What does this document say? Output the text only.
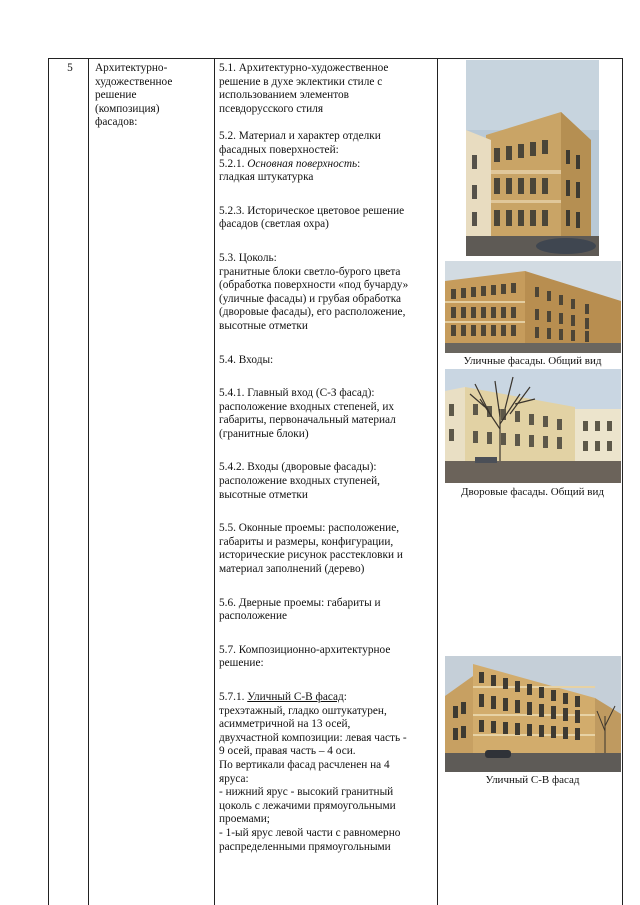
5	Архитектурно-
художественное
решение
(композиция)
фасадов:

5.1. Архитектурно-художественное
решение в духе эклектики стиле с
использованием элементов
псевдорусского стиля

5.2. Материал и характер отделки
фасадных поверхностей:
5.2.1. Основная поверхность:
гладкая штукатурка

5.2.3. Историческое цветовое решение
фасадов (светлая охра)

5.3. Цоколь:
гранитные блоки светло-бурого цвета
(обработка поверхности «под бучарду»
(уличные фасады) и грубая обработка
(дворовые фасады), его расположение,
высотные отметки

5.4. Входы:

5.4.1. Главный вход (С-З фасад):
расположение входных степеней, их
габариты, первоначальный материал
(гранитные блоки)

5.4.2. Входы (дворовые фасады):
расположение входных ступеней,
высотные отметки

5.5. Оконные проемы: расположение,
габариты и размеры, конфигурации,
исторические рисунок расстекловки и
материал заполнений (дерево)

5.6. Дверные проемы: габариты и
расположение

5.7. Композиционно-архитектурное
решение:

5.7.1. Уличный С-В фасад:
трехэтажный, гладко оштукатурен,
асимметричной на 13 осей,
двухчастной композиции: левая часть -
9 осей, правая часть – 4 оси.
По вертикали фасад расчленен на 4
яруса:
- нижний ярус - высокий гранитный
цоколь с лежачими прямоугольными
проемами;
- 1-ый ярус левой части с равномерно
распределенными прямоугольными

Уличные фасады. Общий вид
Дворовые фасады. Общий вид
Уличный С-В фасад
